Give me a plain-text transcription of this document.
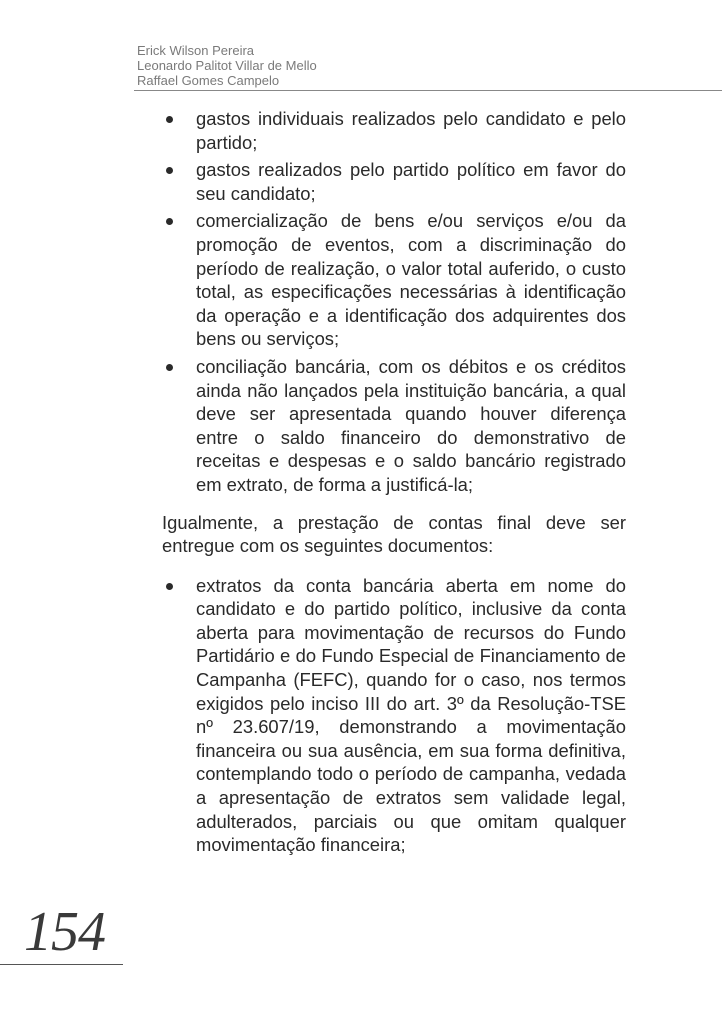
Erick Wilson Pereira
Leonardo Palitot Villar de Mello
Raffael Gomes Campelo
gastos individuais realizados pelo candidato e pelo partido;
gastos realizados pelo partido político em favor do seu candidato;
comercialização de bens e/ou serviços e/ou da promoção de eventos, com a discriminação do período de realização, o valor total auferido, o custo total, as especificações necessárias à identificação da operação e a identificação dos adquirentes dos bens ou serviços;
conciliação bancária, com os débitos e os créditos ainda não lançados pela instituição bancária, a qual deve ser apresentada quando houver diferença entre o saldo financeiro do demonstrativo de receitas e despesas e o saldo bancário registrado em extrato, de forma a justificá-la;

Igualmente, a prestação de contas final deve ser entregue com os seguintes documentos:

extratos da conta bancária aberta em nome do candidato e do partido político, inclusive da conta aberta para movimentação de recursos do Fundo Partidário e do Fundo Especial de Financiamento de Campanha (FEFC), quando for o caso, nos termos exigidos pelo inciso III do art. 3º da Resolução-TSE nº 23.607/19, demonstrando a movimentação financeira ou sua ausência, em sua forma definitiva, contemplando todo o período de campanha, vedada a apresentação de extratos sem validade legal, adulterados, parciais ou que omitam qualquer movimentação financeira;
154
